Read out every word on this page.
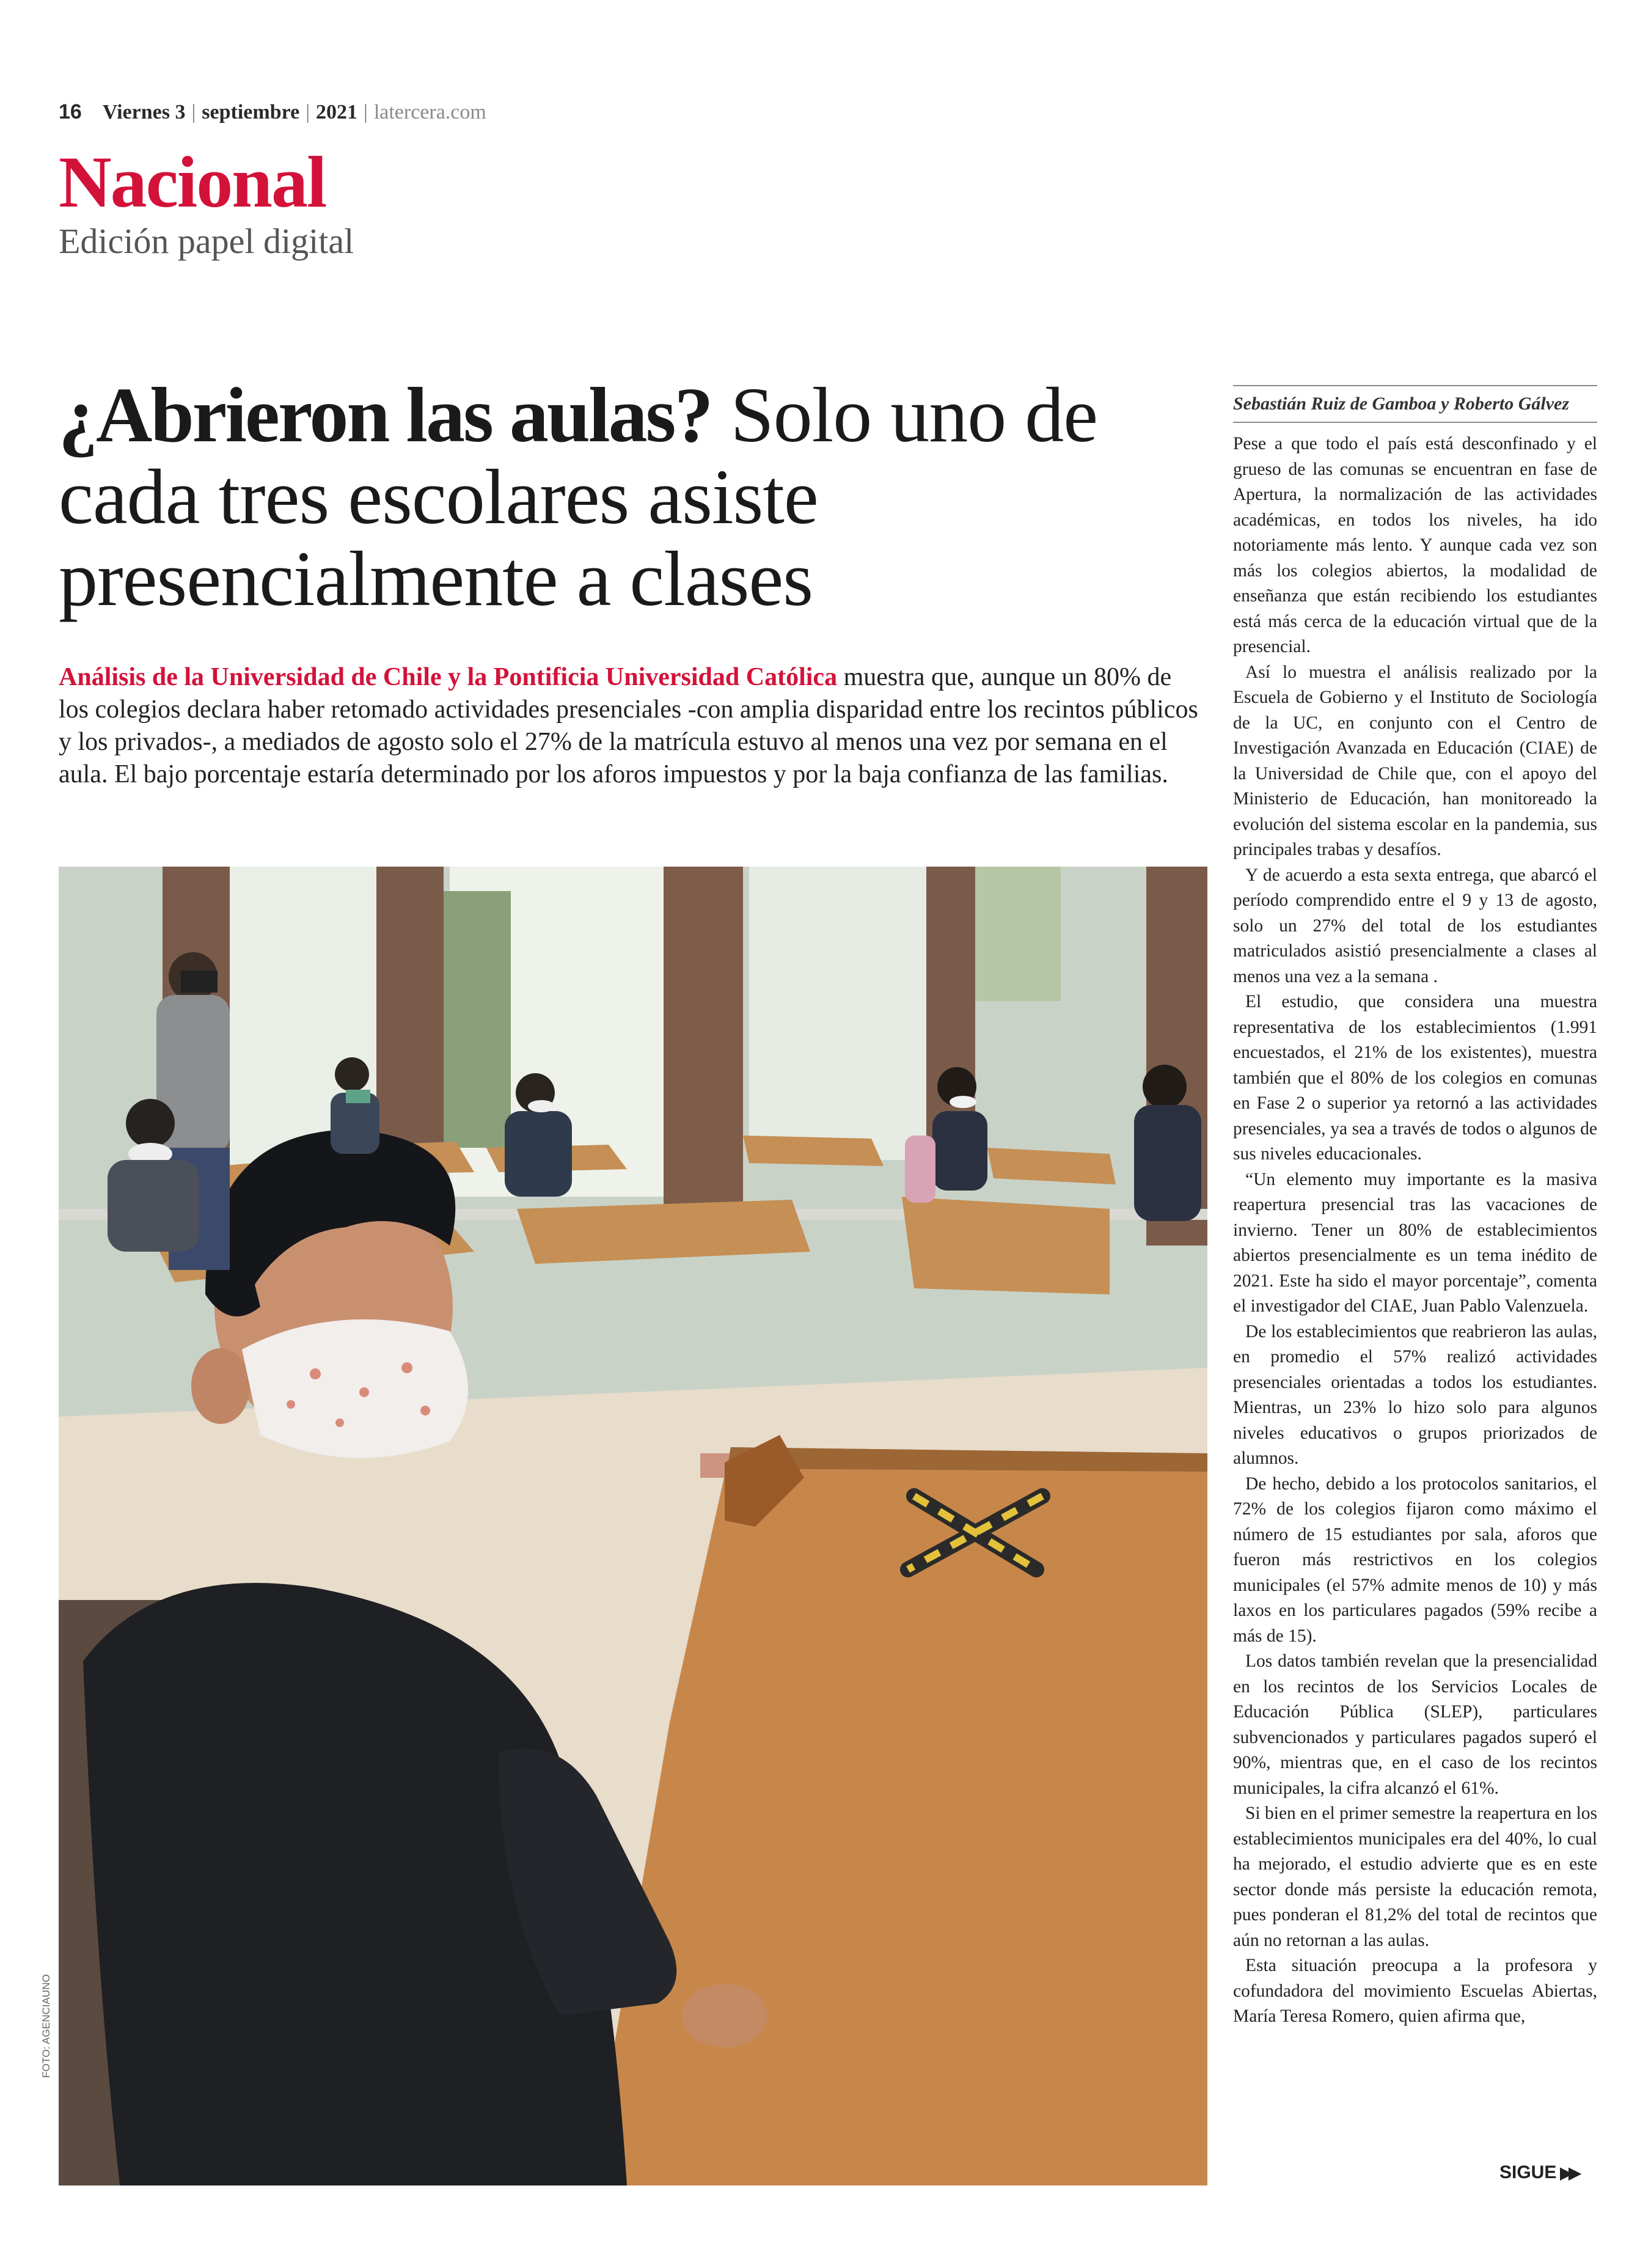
16 Viernes 3 | septiembre | 2021 | latercera.com
Nacional
Edición papel digital
¿Abrieron las aulas? Solo uno de cada tres escolares asiste presencialmente a clases

Análisis de la Universidad de Chile y la Pontificia Universidad Católica muestra que, aunque un 80% de los colegios declara haber retomado actividades presenciales -con amplia disparidad entre los recintos públicos y los privados-, a mediados de agosto solo el 27% de la matrícula estuvo al menos una vez por semana en el aula. El bajo porcentaje estaría determinado por los aforos impuestos y por la baja confianza de las familias.

FOTO: AGENCIAUNO
Sebastián Ruiz de Gamboa y Roberto Gálvez

Pese a que todo el país está desconfinado y el grueso de las comunas se encuentran en fase de Apertura, la normalización de las actividades académicas, en todos los niveles, ha ido notoriamente más lento. Y aunque cada vez son más los colegios abiertos, la modalidad de enseñanza que están recibiendo los estudiantes está más cerca de la educación virtual que de la presencial.

Así lo muestra el análisis realizado por la Escuela de Gobierno y el Instituto de Sociología de la UC, en conjunto con el Centro de Investigación Avanzada en Educación (CIAE) de la Universidad de Chile que, con el apoyo del Ministerio de Educación, han monitoreado la evolución del sistema escolar en la pandemia, sus principales trabas y desafíos.

Y de acuerdo a esta sexta entrega, que abarcó el período comprendido entre el 9 y 13 de agosto, solo un 27% del total de los estudiantes matriculados asistió presencialmente a clases al menos una vez a la semana .

El estudio, que considera una muestra representativa de los establecimientos (1.991 encuestados, el 21% de los existentes), muestra también que el 80% de los colegios en comunas en Fase 2 o superior ya retornó a las actividades presenciales, ya sea a través de todos o algunos de sus niveles educacionales.

“Un elemento muy importante es la masiva reapertura presencial tras las vacaciones de invierno. Tener un 80% de establecimientos abiertos presencialmente es un tema inédito de 2021. Este ha sido el mayor porcentaje”, comenta el investigador del CIAE, Juan Pablo Valenzuela.

De los establecimientos que reabrieron las aulas, en promedio el 57% realizó actividades presenciales orientadas a todos los estudiantes. Mientras, un 23% lo hizo solo para algunos niveles educativos o grupos priorizados de alumnos.

De hecho, debido a los protocolos sanitarios, el 72% de los colegios fijaron como máximo el número de 15 estudiantes por sala, aforos que fueron más restrictivos en los colegios municipales (el 57% admite menos de 10) y más laxos en los particulares pagados (59% recibe a más de 15).

Los datos también revelan que la presencialidad en los recintos de los Servicios Locales de Educación Pública (SLEP), particulares subvencionados y particulares pagados superó el 90%, mientras que, en el caso de los recintos municipales, la cifra alcanzó el 61%.

Si bien en el primer semestre la reapertura en los establecimientos municipales era del 40%, lo cual ha mejorado, el estudio advierte que es en este sector donde más persiste la educación remota, pues ponderan el 81,2% del total de recintos que aún no retornan a las aulas.

Esta situación preocupa a la profesora y cofundadora del movimiento Escuelas Abiertas, María Teresa Romero, quien afirma que,

SIGUE ▶▶
